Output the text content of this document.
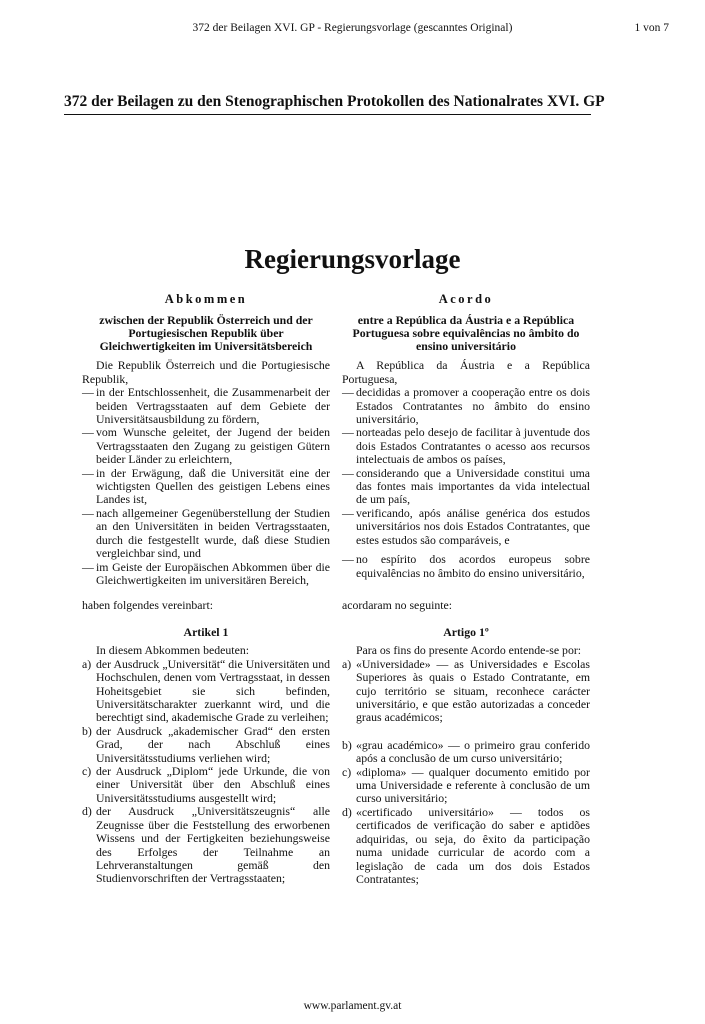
372 der Beilagen XVI. GP - Regierungsvorlage (gescanntes Original)	1 von 7
372 der Beilagen zu den Stenographischen Protokollen des Nationalrates XVI. GP
Regierungsvorlage
Abkommen
zwischen der Republik Österreich und der Portugiesischen Republik über Gleichwertigkeiten im Universitätsbereich
Die Republik Österreich und die Portugiesische Republik,
— in der Entschlossenheit, die Zusammenarbeit der beiden Vertragsstaaten auf dem Gebiete der Universitätsausbildung zu fördern,
— vom Wunsche geleitet, der Jugend der beiden Vertragsstaaten den Zugang zu geistigen Gütern beider Länder zu erleichtern,
— in der Erwägung, daß die Universität eine der wichtigsten Quellen des geistigen Lebens eines Landes ist,
— nach allgemeiner Gegenüberstellung der Studien an den Universitäten in beiden Vertragsstaaten, durch die festgestellt wurde, daß diese Studien vergleichbar sind, und
— im Geiste der Europäischen Abkommen über die Gleichwertigkeiten im universitären Bereich,
Acordo
entre a República da Áustria e a República Portuguesa sobre equivalências no âmbito do ensino universitário
A República da Áustria e a República Portuguesa,
— decididas a promover a cooperação entre os dois Estados Contratantes no âmbito do ensino universitário,
— norteadas pelo desejo de facilitar à juventude dos dois Estados Contratantes o acesso aos recursos intelectuais de ambos os países,
— considerando que a Universidade constitui uma das fontes mais importantes da vida intelectual de um país,
— verificando, após análise genérica dos estudos universitários nos dois Estados Contratantes, que estes estudos são comparáveis, e
— no espírito dos acordos europeus sobre equivalências no âmbito do ensino universitário,
haben folgendes vereinbart:	acordaram no seguinte:
Artikel 1
In diesem Abkommen bedeuten:
a) der Ausdruck „Universität“ die Universitäten und Hochschulen, denen vom Vertragsstaat, in dessen Hoheitsgebiet sie sich befinden, Universitätscharakter zuerkannt wird, und die berechtigt sind, akademische Grade zu verleihen;
b) der Ausdruck „akademischer Grad“ den ersten Grad, der nach Abschluß eines Universitätsstudiums verliehen wird;
c) der Ausdruck „Diplom“ jede Urkunde, die von einer Universität über den Abschluß eines Universitätsstudiums ausgestellt wird;
d) der Ausdruck „Universitätszeugnis“ alle Zeugnisse über die Feststellung des erworbenen Wissens und der Fertigkeiten beziehungsweise des Erfolges der Teilnahme an Lehrveranstaltungen gemäß den Studienvorschriften der Vertragsstaaten;
Artigo 1º
Para os fins do presente Acordo entende-se por:
a) «Universidade» — as Universidades e Escolas Superiores às quais o Estado Contratante, em cujo território se situam, reconhece carácter universitário, e que estão autorizadas a conceder graus académicos;
b) «grau académico» — o primeiro grau conferido após a conclusão de um curso universitário;
c) «diploma» — qualquer documento emitido por uma Universidade e referente à conclusão de um curso universitário;
d) «certificado universitário» — todos os certificados de verificação do saber e aptidões adquiridas, ou seja, do êxito da participação numa unidade curricular de acordo com a legislação de cada um dos dois Estados Contratantes;
www.parlament.gv.at
